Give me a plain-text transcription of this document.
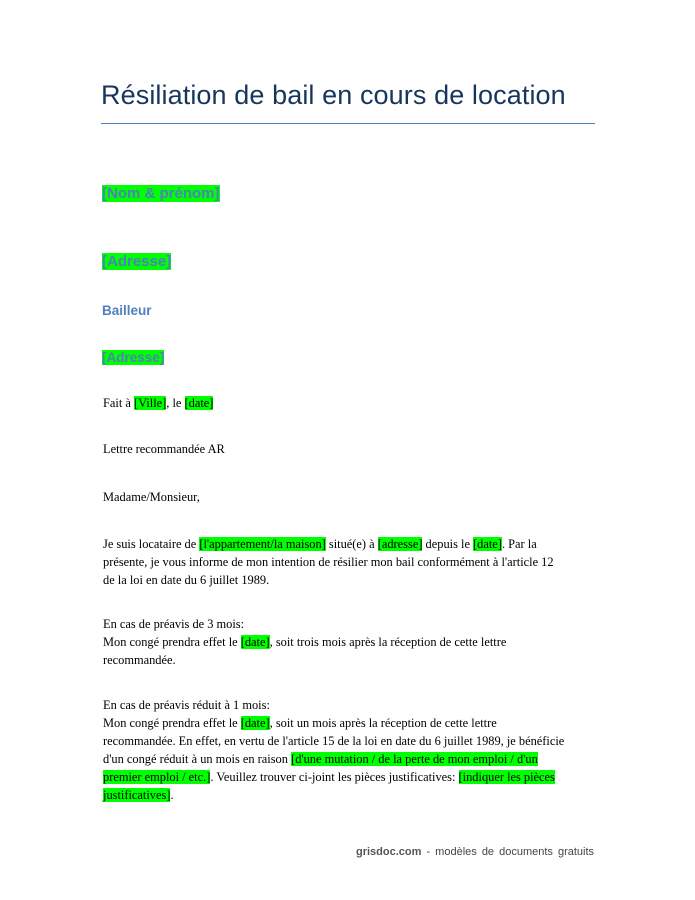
Résiliation de bail en cours de location
[Nom & prénom]
[Adresse]
Bailleur
[Adresse]
Fait à [Ville], le [date]
Lettre recommandée AR
Madame/Monsieur,
Je suis locataire de [l'appartement/la maison] situé(e) à [adresse] depuis le [date]. Par la
présente, je vous informe de mon intention de résilier mon bail conformément à l'article 12
de la loi en date du 6 juillet 1989.
En cas de préavis de 3 mois:
Mon congé prendra effet le [date], soit trois mois après la réception de cette lettre
recommandée.
En cas de préavis réduit à 1 mois:
Mon congé prendra effet le [date], soit un mois après la réception de cette lettre
recommandée. En effet, en vertu de l'article 15 de la loi en date du 6 juillet 1989, je bénéficie
d'un congé réduit à un mois en raison [d'une mutation / de la perte de mon emploi / d'un
premier emploi / etc.]. Veuillez trouver ci-joint les pièces justificatives: [indiquer les pièces
justificatives].
grisdoc.com - modèles de documents gratuits
